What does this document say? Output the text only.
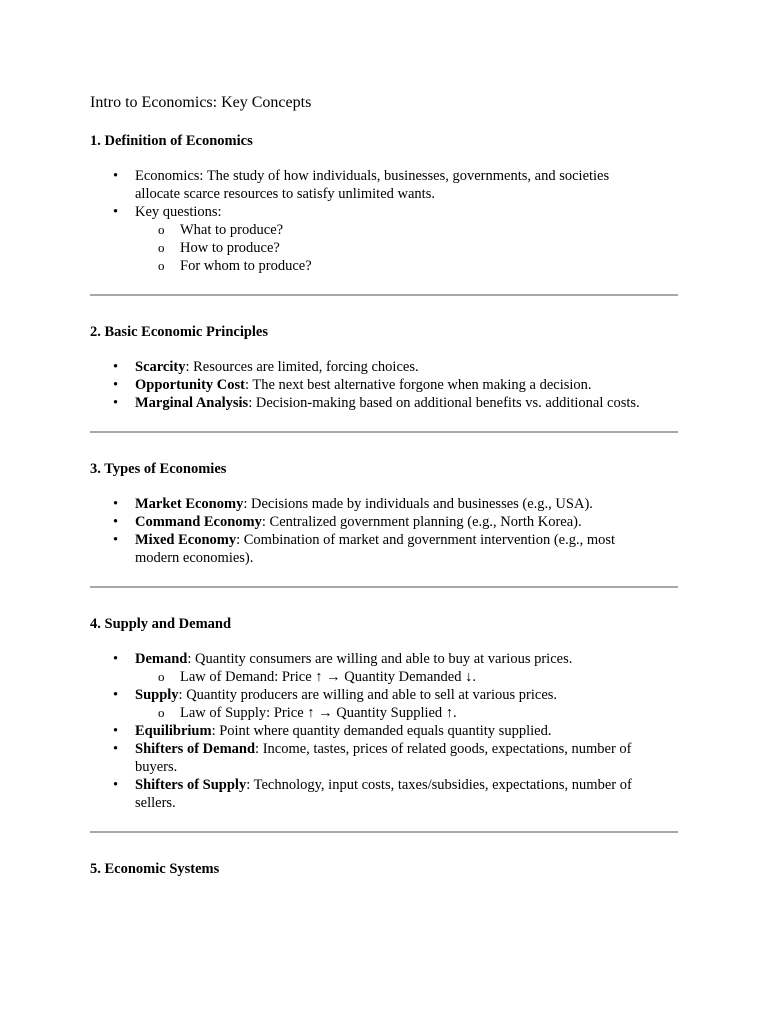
Intro to Economics: Key Concepts
1. Definition of Economics
• Economics: The study of how individuals, businesses, governments, and societies allocate scarce resources to satisfy unlimited wants.
• Key questions:
o What to produce?
o How to produce?
o For whom to produce?
2. Basic Economic Principles
• Scarcity: Resources are limited, forcing choices.
• Opportunity Cost: The next best alternative forgone when making a decision.
• Marginal Analysis: Decision-making based on additional benefits vs. additional costs.
3. Types of Economies
• Market Economy: Decisions made by individuals and businesses (e.g., USA).
• Command Economy: Centralized government planning (e.g., North Korea).
• Mixed Economy: Combination of market and government intervention (e.g., most modern economies).
4. Supply and Demand
• Demand: Quantity consumers are willing and able to buy at various prices.
o Law of Demand: Price ↑ → Quantity Demanded ↓.
• Supply: Quantity producers are willing and able to sell at various prices.
o Law of Supply: Price ↑ → Quantity Supplied ↑.
• Equilibrium: Point where quantity demanded equals quantity supplied.
• Shifters of Demand: Income, tastes, prices of related goods, expectations, number of buyers.
• Shifters of Supply: Technology, input costs, taxes/subsidies, expectations, number of sellers.
5. Economic Systems
